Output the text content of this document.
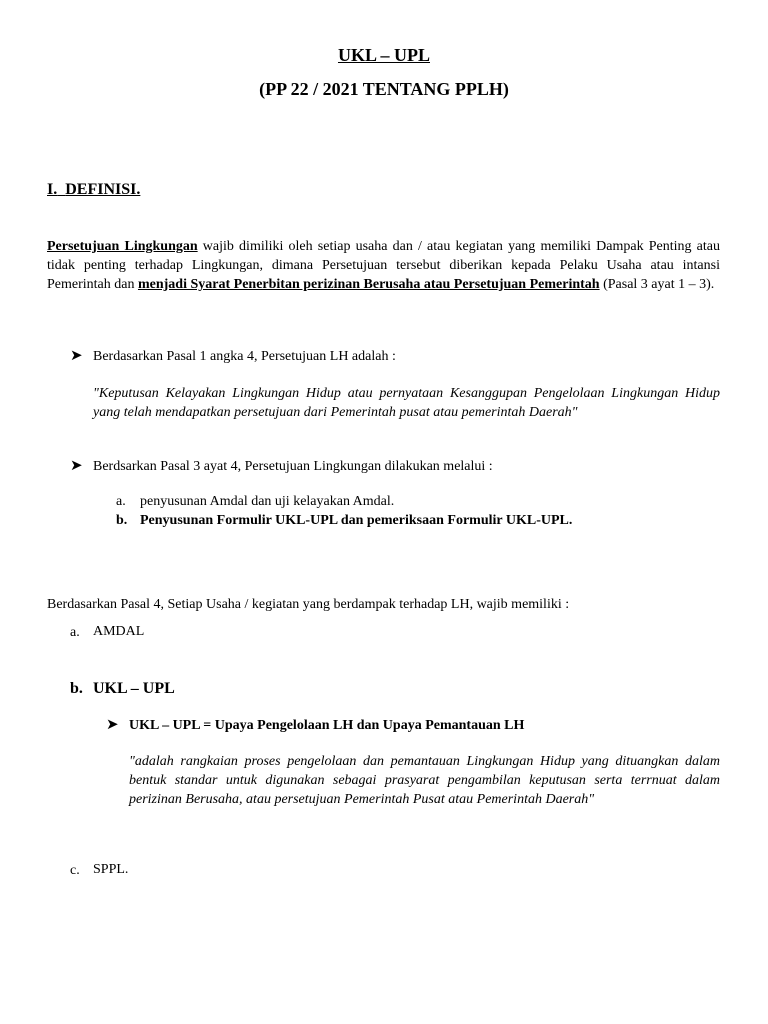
UKL – UPL
(PP 22 / 2021 TENTANG PPLH)
I. DEFINISI.
Persetujuan Lingkungan wajib dimiliki oleh setiap usaha dan / atau kegiatan yang memiliki Dampak Penting atau tidak penting terhadap Lingkungan, dimana Persetujuan tersebut diberikan kepada Pelaku Usaha atau intansi Pemerintah dan menjadi Syarat Penerbitan perizinan Berusaha atau Persetujuan Pemerintah (Pasal 3 ayat 1 – 3).
➤ Berdasarkan Pasal 1 angka 4, Persetujuan LH adalah :
"Keputusan Kelayakan Lingkungan Hidup atau pernyataan Kesanggupan Pengelolaan Lingkungan Hidup yang telah mendapatkan persetujuan dari Pemerintah pusat atau pemerintah Daerah"
➤ Berdsarkan Pasal 3 ayat 4, Persetujuan Lingkungan dilakukan melalui :
a. penyusunan Amdal dan uji kelayakan Amdal.
b. Penyusunan Formulir UKL-UPL dan pemeriksaan Formulir UKL-UPL.
Berdasarkan Pasal 4, Setiap Usaha / kegiatan yang berdampak terhadap LH, wajib memiliki :
a. AMDAL
b. UKL – UPL
➤ UKL – UPL = Upaya Pengelolaan LH dan Upaya Pemantauan LH
"adalah rangkaian proses pengelolaan dan pemantauan Lingkungan Hidup yang dituangkan dalam bentuk standar untuk digunakan sebagai prasyarat pengambilan keputusan serta terrnuat dalam perizinan Berusaha, atau persetujuan Pemerintah Pusat atau Pemerintah Daerah"
c. SPPL.
